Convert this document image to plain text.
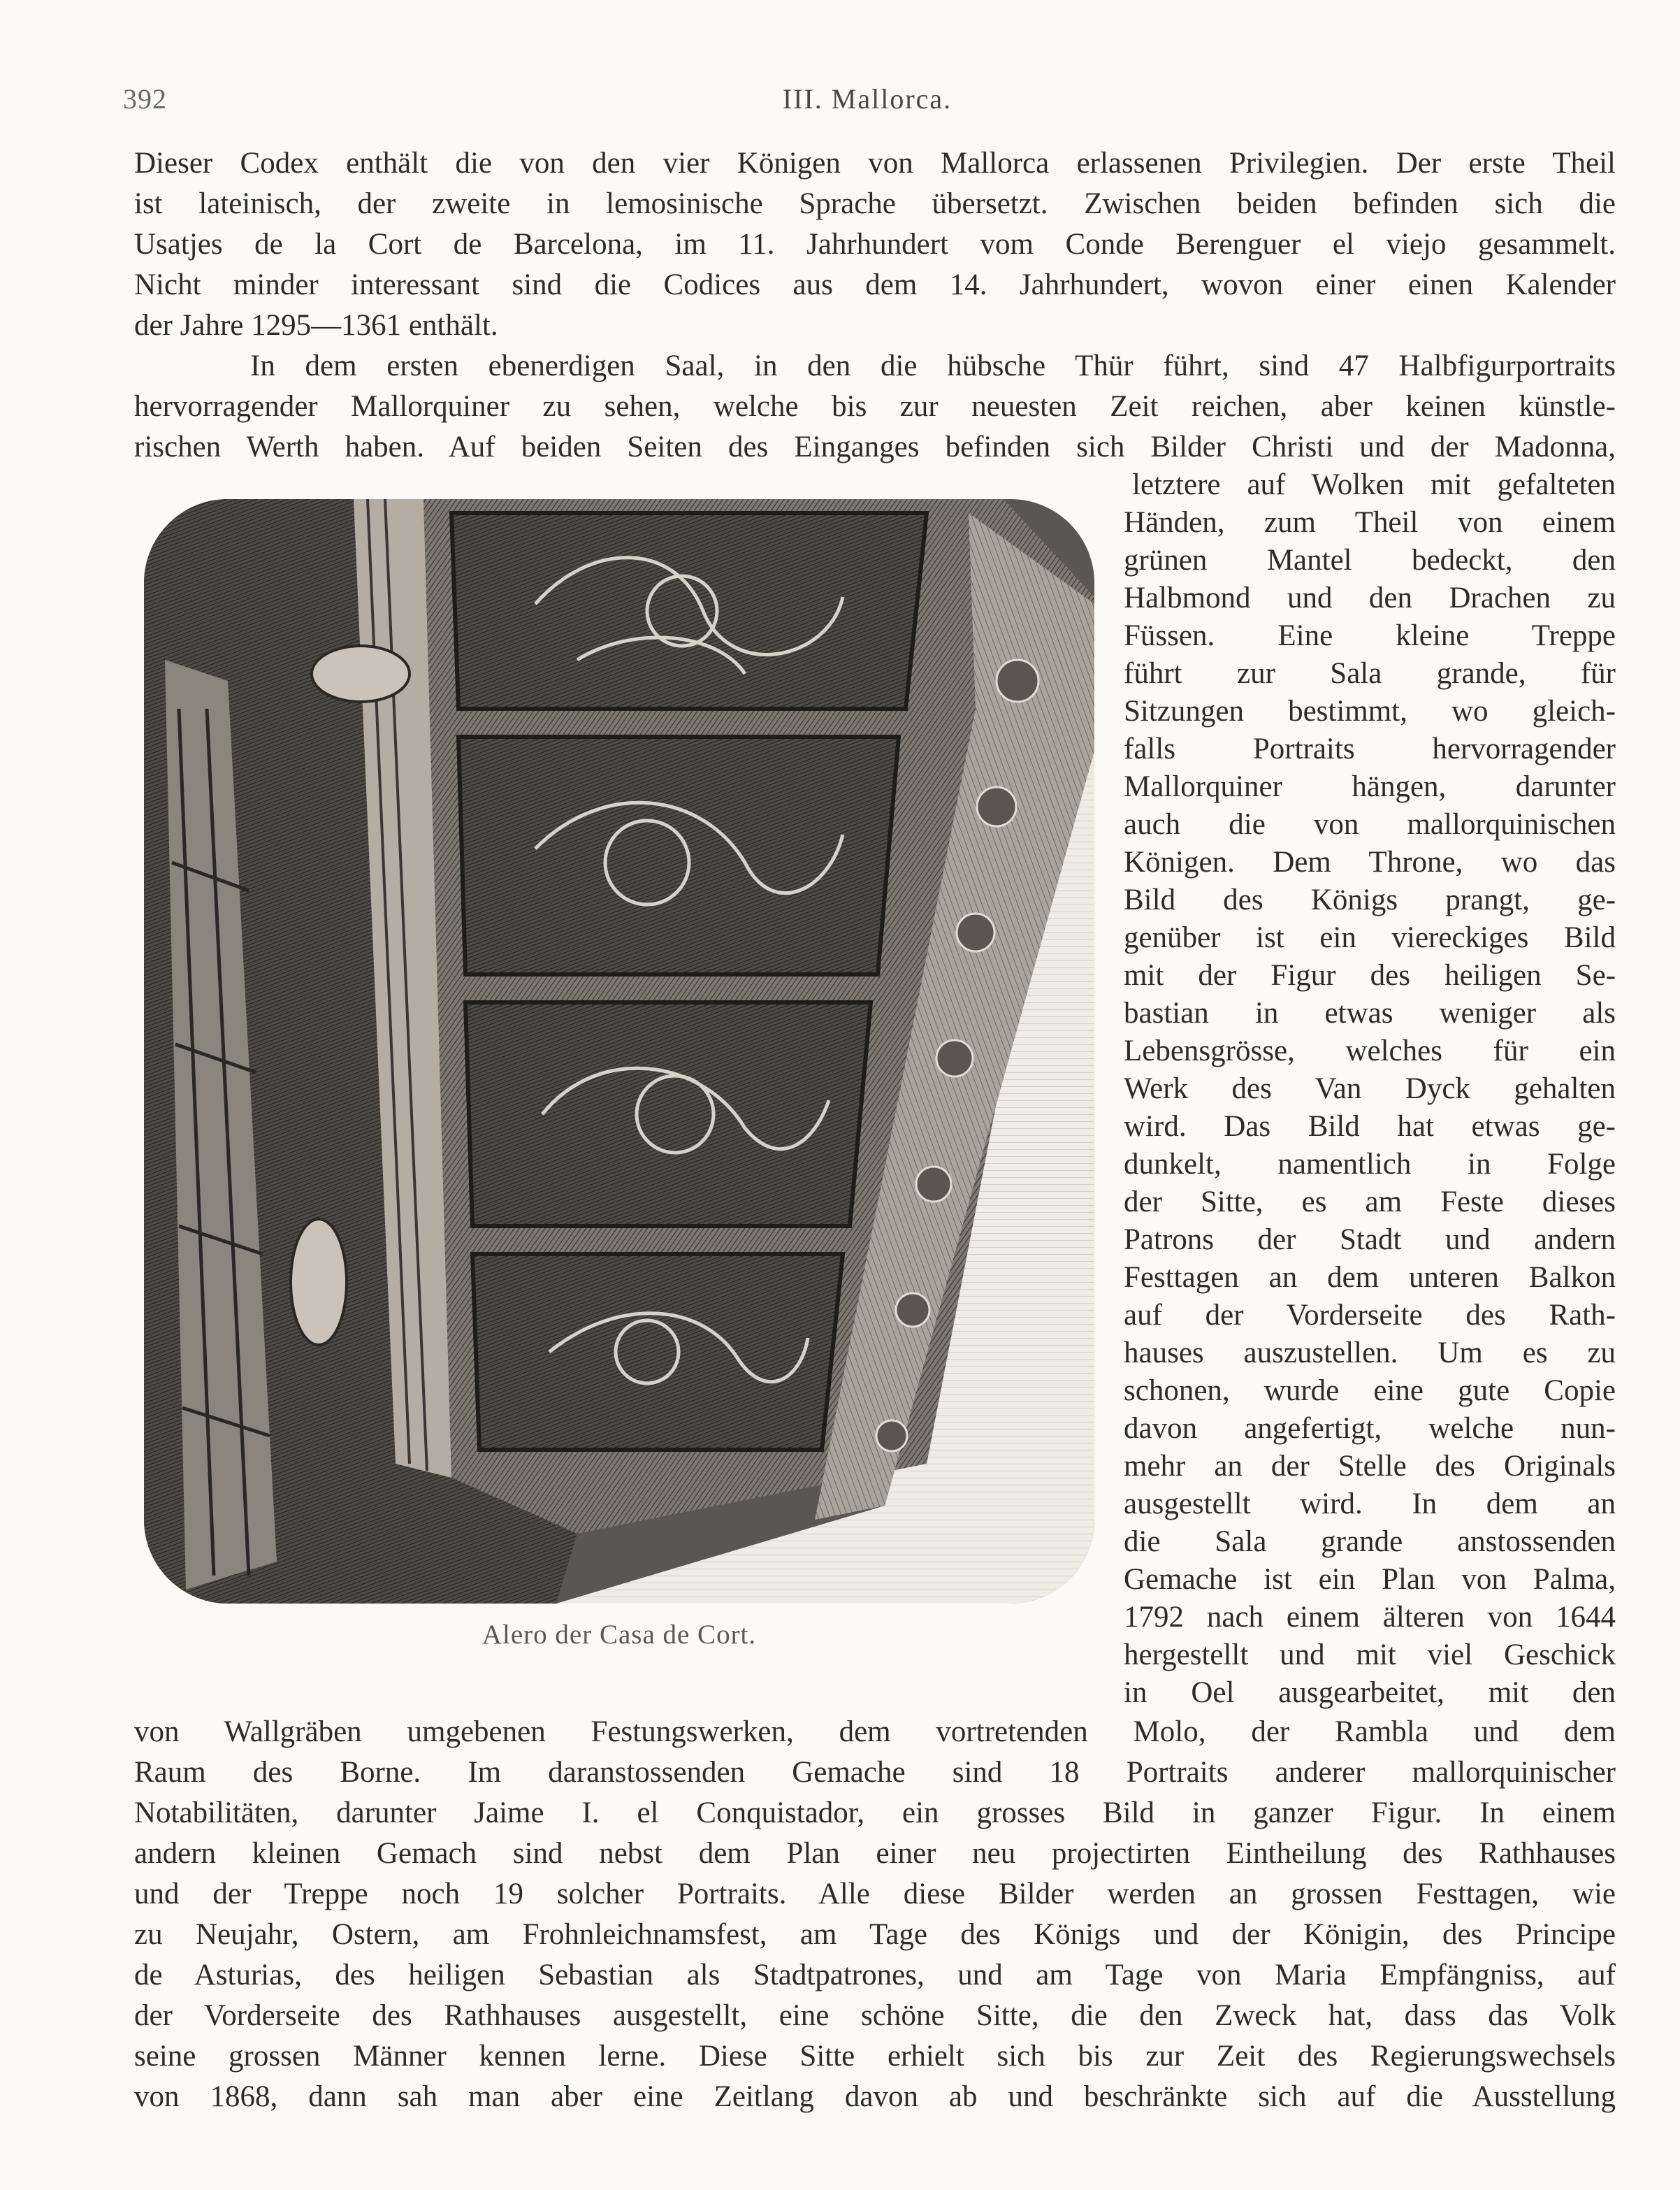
392	III. Mallorca.
Dieser Codex enthält die von den vier Königen von Mallorca erlassenen Privilegien. Der erste Theil
ist lateinisch, der zweite in lemosinische Sprache übersetzt. Zwischen beiden befinden sich die
Usatjes de la Cort de Barcelona, im 11. Jahrhundert vom Conde Berenguer el viejo gesammelt.
Nicht minder interessant sind die Codices aus dem 14. Jahrhundert, wovon einer einen Kalender
der Jahre 1295—1361 enthält.
In dem ersten ebenerdigen Saal, in den die hübsche Thür führt, sind 47 Halbfigurportraits
hervorragender Mallorquiner zu sehen, welche bis zur neuesten Zeit reichen, aber keinen künstle-
rischen Werth haben. Auf beiden Seiten des Einganges befinden sich Bilder Christi und der Madonna,
letztere auf Wolken mit gefalteten
Händen, zum Theil von einem
grünen Mantel bedeckt, den
Halbmond und den Drachen zu
Füssen. Eine kleine Treppe
führt zur Sala grande, für
Sitzungen bestimmt, wo gleich-
falls Portraits hervorragender
Mallorquiner hängen, darunter
auch die von mallorquinischen
Königen. Dem Throne, wo das
Bild des Königs prangt, ge-
genüber ist ein viereckiges Bild
mit der Figur des heiligen Se-
bastian in etwas weniger als
Lebensgrösse, welches für ein
Werk des Van Dyck gehalten
wird. Das Bild hat etwas ge-
dunkelt, namentlich in Folge
der Sitte, es am Feste dieses
Patrons der Stadt und andern
Festtagen an dem unteren Balkon
auf der Vorderseite des Rath-
hauses auszustellen. Um es zu
schonen, wurde eine gute Copie
davon angefertigt, welche nun-
mehr an der Stelle des Originals
ausgestellt wird. In dem an
die Sala grande anstossenden
Gemache ist ein Plan von Palma,
1792 nach einem älteren von 1644
hergestellt und mit viel Geschick
in Oel ausgearbeitet, mit den
von Wallgräben umgebenen Festungswerken, dem vortretenden Molo, der Rambla und dem
Raum des Borne. Im daranstossenden Gemache sind 18 Portraits anderer mallorquinischer
Notabilitäten, darunter Jaime I. el Conquistador, ein grosses Bild in ganzer Figur. In einem
andern kleinen Gemach sind nebst dem Plan einer neu projectirten Eintheilung des Rathhauses
und der Treppe noch 19 solcher Portraits. Alle diese Bilder werden an grossen Festtagen, wie
zu Neujahr, Ostern, am Frohnleichnamsfest, am Tage des Königs und der Königin, des Principe
de Asturias, des heiligen Sebastian als Stadtpatrones, und am Tage von Maria Empfängniss, auf
der Vorderseite des Rathhauses ausgestellt, eine schöne Sitte, die den Zweck hat, dass das Volk
seine grossen Männer kennen lerne. Diese Sitte erhielt sich bis zur Zeit des Regierungswechsels
von 1868, dann sah man aber eine Zeitlang davon ab und beschränkte sich auf die Ausstellung
Alero der Casa de Cort.
